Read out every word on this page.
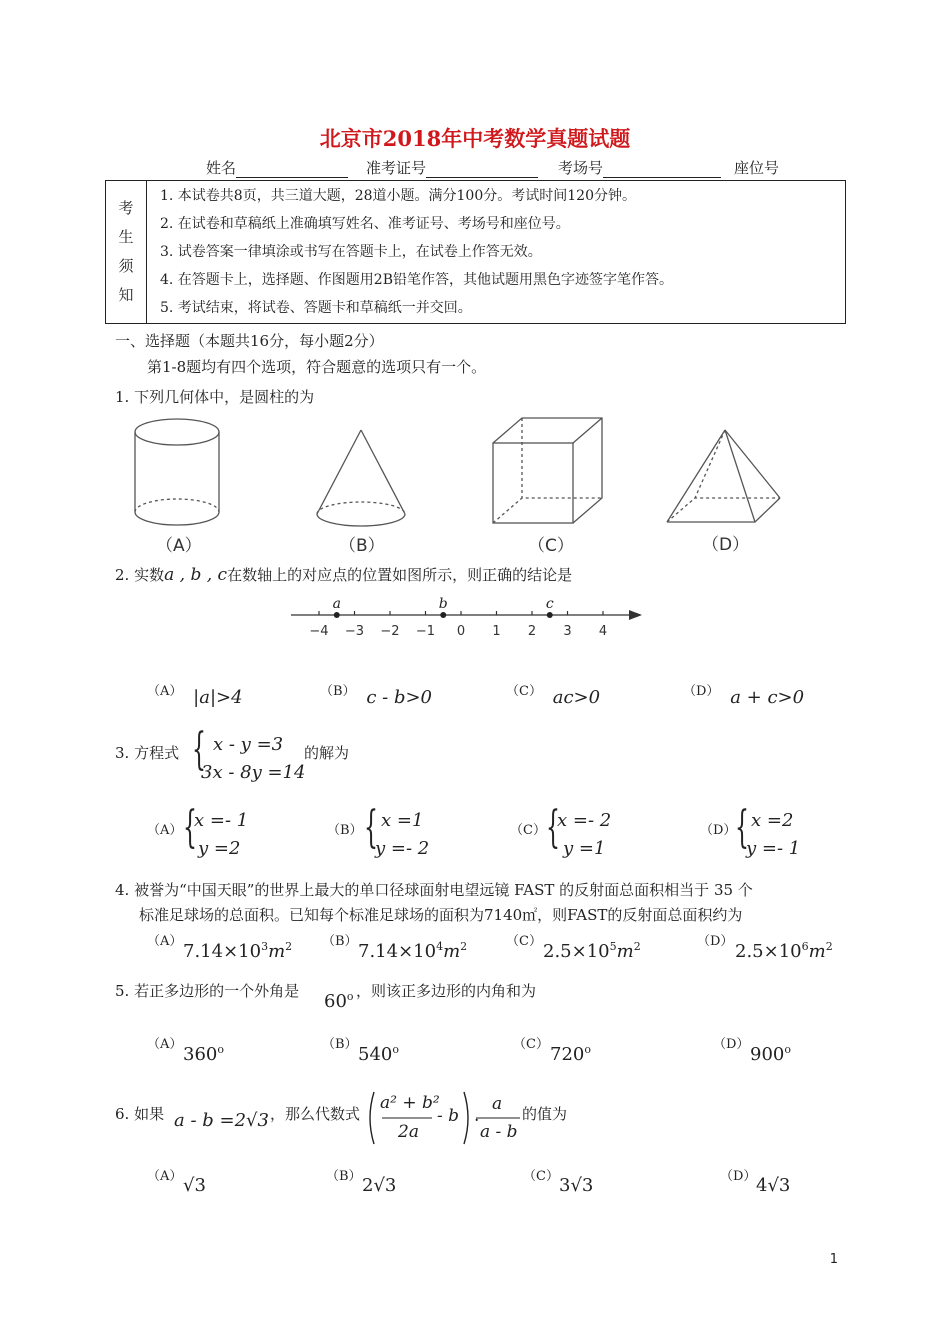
北京市2018年中考数学真题试题
姓名	准考证号	考场号	座位号
考
生
须
知

1. 本试卷共8页，共三道大题，28道小题。满分100分。考试时间120分钟。
2. 在试卷和草稿纸上准确填写姓名、准考证号、考场号和座位号。
3. 试卷答案一律填涂或书写在答题卡上，在试卷上作答无效。
4. 在答题卡上，选择题、作图题用2B铅笔作答，其他试题用黑色字迹签字笔作答。
5. 考试结束，将试卷、答题卡和草稿纸一并交回。
一、选择题（本题共16分，每小题2分）
第1-8题均有四个选项，符合题意的选项只有一个。
1. 下列几何体中，是圆柱的为
（A）	（B）	（C）	（D）
2. 实数a , b , c在数轴上的对应点的位置如图所示，则正确的结论是
−4 −3 −2 −1 0 1 2 3 4
a	b	c
（A） |a|>4	（B） c - b>0	（C） ac>0	（D） a + c>0
3. 方程式 { x - y =3
3x - 8y =14
的解为
（A） {
x =- 1
y =2
（B） { x =1
y =- 2
（C） {
x =- 2
y =1
（D）
{ x =2
y =- 1
4. 被誉为“中国天眼”的世界上最大的单口径球面射电望远镜 FAST 的反射面总面积相当于 35 个
标准足球场的总面积。已知每个标准足球场的面积为7140㎡，则FAST的反射面总面积约为
（A） $7.14\times 10^3m^2$ （B） $7.14\times 10^4m^2$	（C） $2.5\times 10^5m^2$	（D） $2.5\times 10^6m^2$
5. 若正多边形的一个外角是 60$^o$ ，则该正多边形的内角和为
（A） 360$^o$	（B） 540$^o$	（C） 720$^o$	（D） 900$^o$
6. 如果 a - b =2√3 ，那么代数式
a² + b²
2a
- b .
a
a - b
的值为
（A） √3	（B） 2√3	（C） 3√3	（D） 4√3
1
